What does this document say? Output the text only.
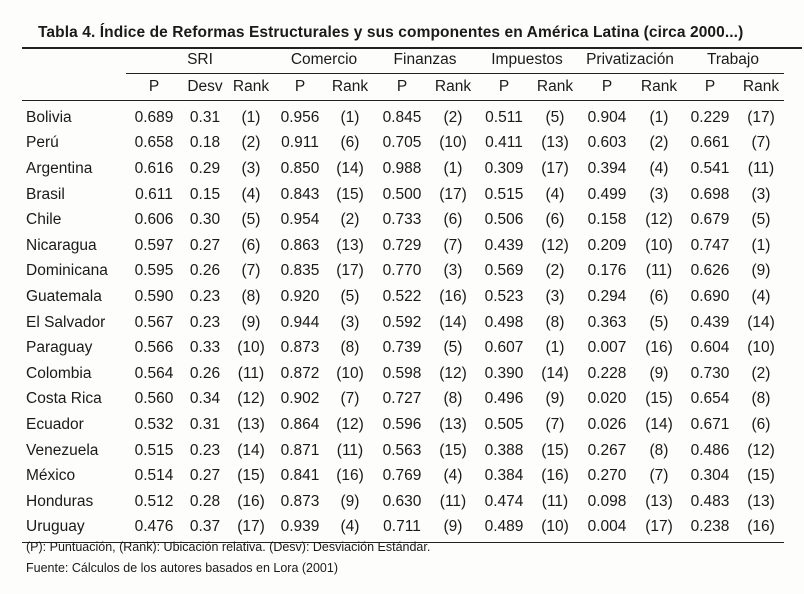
Tabla 4. Índice de Reformas Estructurales y sus componentes en América Latina (circa 2000...)
	SRI			Comercio		Finanzas		Impuestos		Privatización		Trabajo	
	P	Desv	Rank	P	Rank	P	Rank	P	Rank	P	Rank	P	Rank
Bolivia	0.689	0.31	(1)	0.956	(1)	0.845	(2)	0.511	(5)	0.904	(1)	0.229	(17)
Perú	0.658	0.18	(2)	0.911	(6)	0.705	(10)	0.411	(13)	0.603	(2)	0.661	(7)
Argentina	0.616	0.29	(3)	0.850	(14)	0.988	(1)	0.309	(17)	0.394	(4)	0.541	(11)
Brasil	0.611	0.15	(4)	0.843	(15)	0.500	(17)	0.515	(4)	0.499	(3)	0.698	(3)
Chile	0.606	0.30	(5)	0.954	(2)	0.733	(6)	0.506	(6)	0.158	(12)	0.679	(5)
Nicaragua	0.597	0.27	(6)	0.863	(13)	0.729	(7)	0.439	(12)	0.209	(10)	0.747	(1)
Dominicana	0.595	0.26	(7)	0.835	(17)	0.770	(3)	0.569	(2)	0.176	(11)	0.626	(9)
Guatemala	0.590	0.23	(8)	0.920	(5)	0.522	(16)	0.523	(3)	0.294	(6)	0.690	(4)
El Salvador	0.567	0.23	(9)	0.944	(3)	0.592	(14)	0.498	(8)	0.363	(5)	0.439	(14)
Paraguay	0.566	0.33	(10)	0.873	(8)	0.739	(5)	0.607	(1)	0.007	(16)	0.604	(10)
Colombia	0.564	0.26	(11)	0.872	(10)	0.598	(12)	0.390	(14)	0.228	(9)	0.730	(2)
Costa Rica	0.560	0.34	(12)	0.902	(7)	0.727	(8)	0.496	(9)	0.020	(15)	0.654	(8)
Ecuador	0.532	0.31	(13)	0.864	(12)	0.596	(13)	0.505	(7)	0.026	(14)	0.671	(6)
Venezuela	0.515	0.23	(14)	0.871	(11)	0.563	(15)	0.388	(15)	0.267	(8)	0.486	(12)
México	0.514	0.27	(15)	0.841	(16)	0.769	(4)	0.384	(16)	0.270	(7)	0.304	(15)
Honduras	0.512	0.28	(16)	0.873	(9)	0.630	(11)	0.474	(11)	0.098	(13)	0.483	(13)
Uruguay	0.476	0.37	(17)	0.939	(4)	0.711	(9)	0.489	(10)	0.004	(17)	0.238	(16)
(P): Puntuación, (Rank): Ubicación relativa. (Desv): Desviación Estándar.
Fuente: Cálculos de los autores basados en Lora (2001)
